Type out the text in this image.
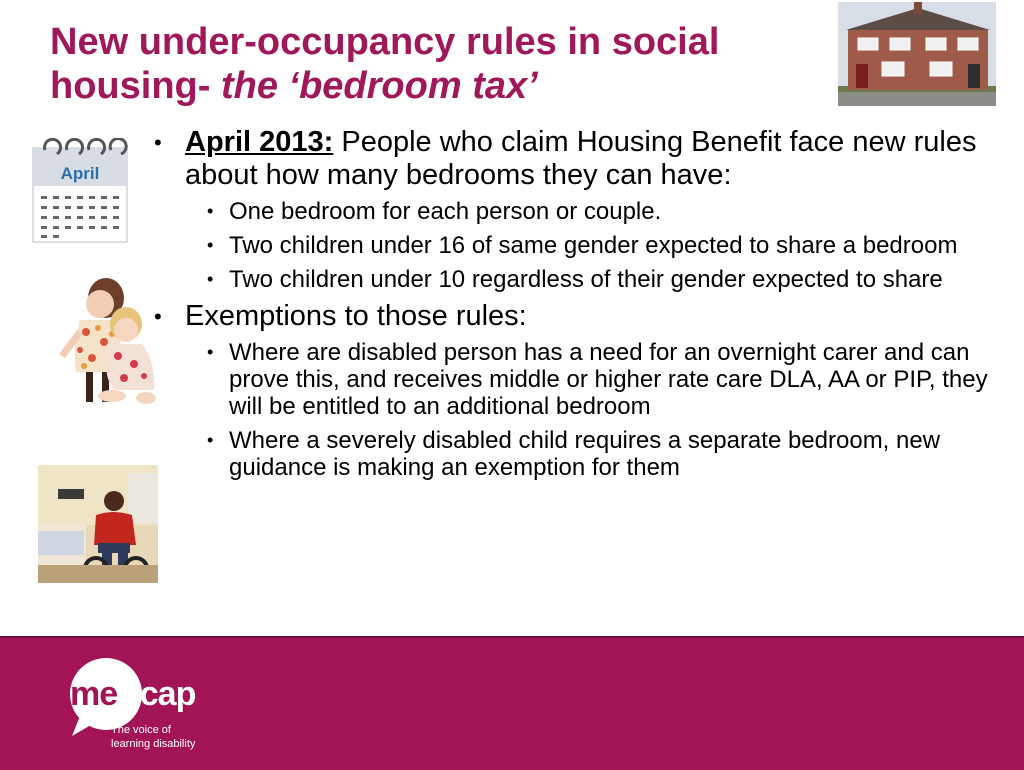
New under-occupancy rules in social
housing- the ‘bedroom tax’
April
• April 2013: People who claim Housing Benefit face new rules about how many bedrooms they can have:
• One bedroom for each person or couple.
• Two children under 16 of same gender expected to share a bedroom
• Two children under 10 regardless of their gender expected to share
• Exemptions to those rules:
• Where are disabled person has a need for an overnight carer and can prove this, and receives middle or higher rate care DLA, AA or PIP, they will be entitled to an additional bedroom
• Where a severely disabled child requires a separate bedroom, new guidance is making an exemption for them
me ncap
The voice of
learning disability
